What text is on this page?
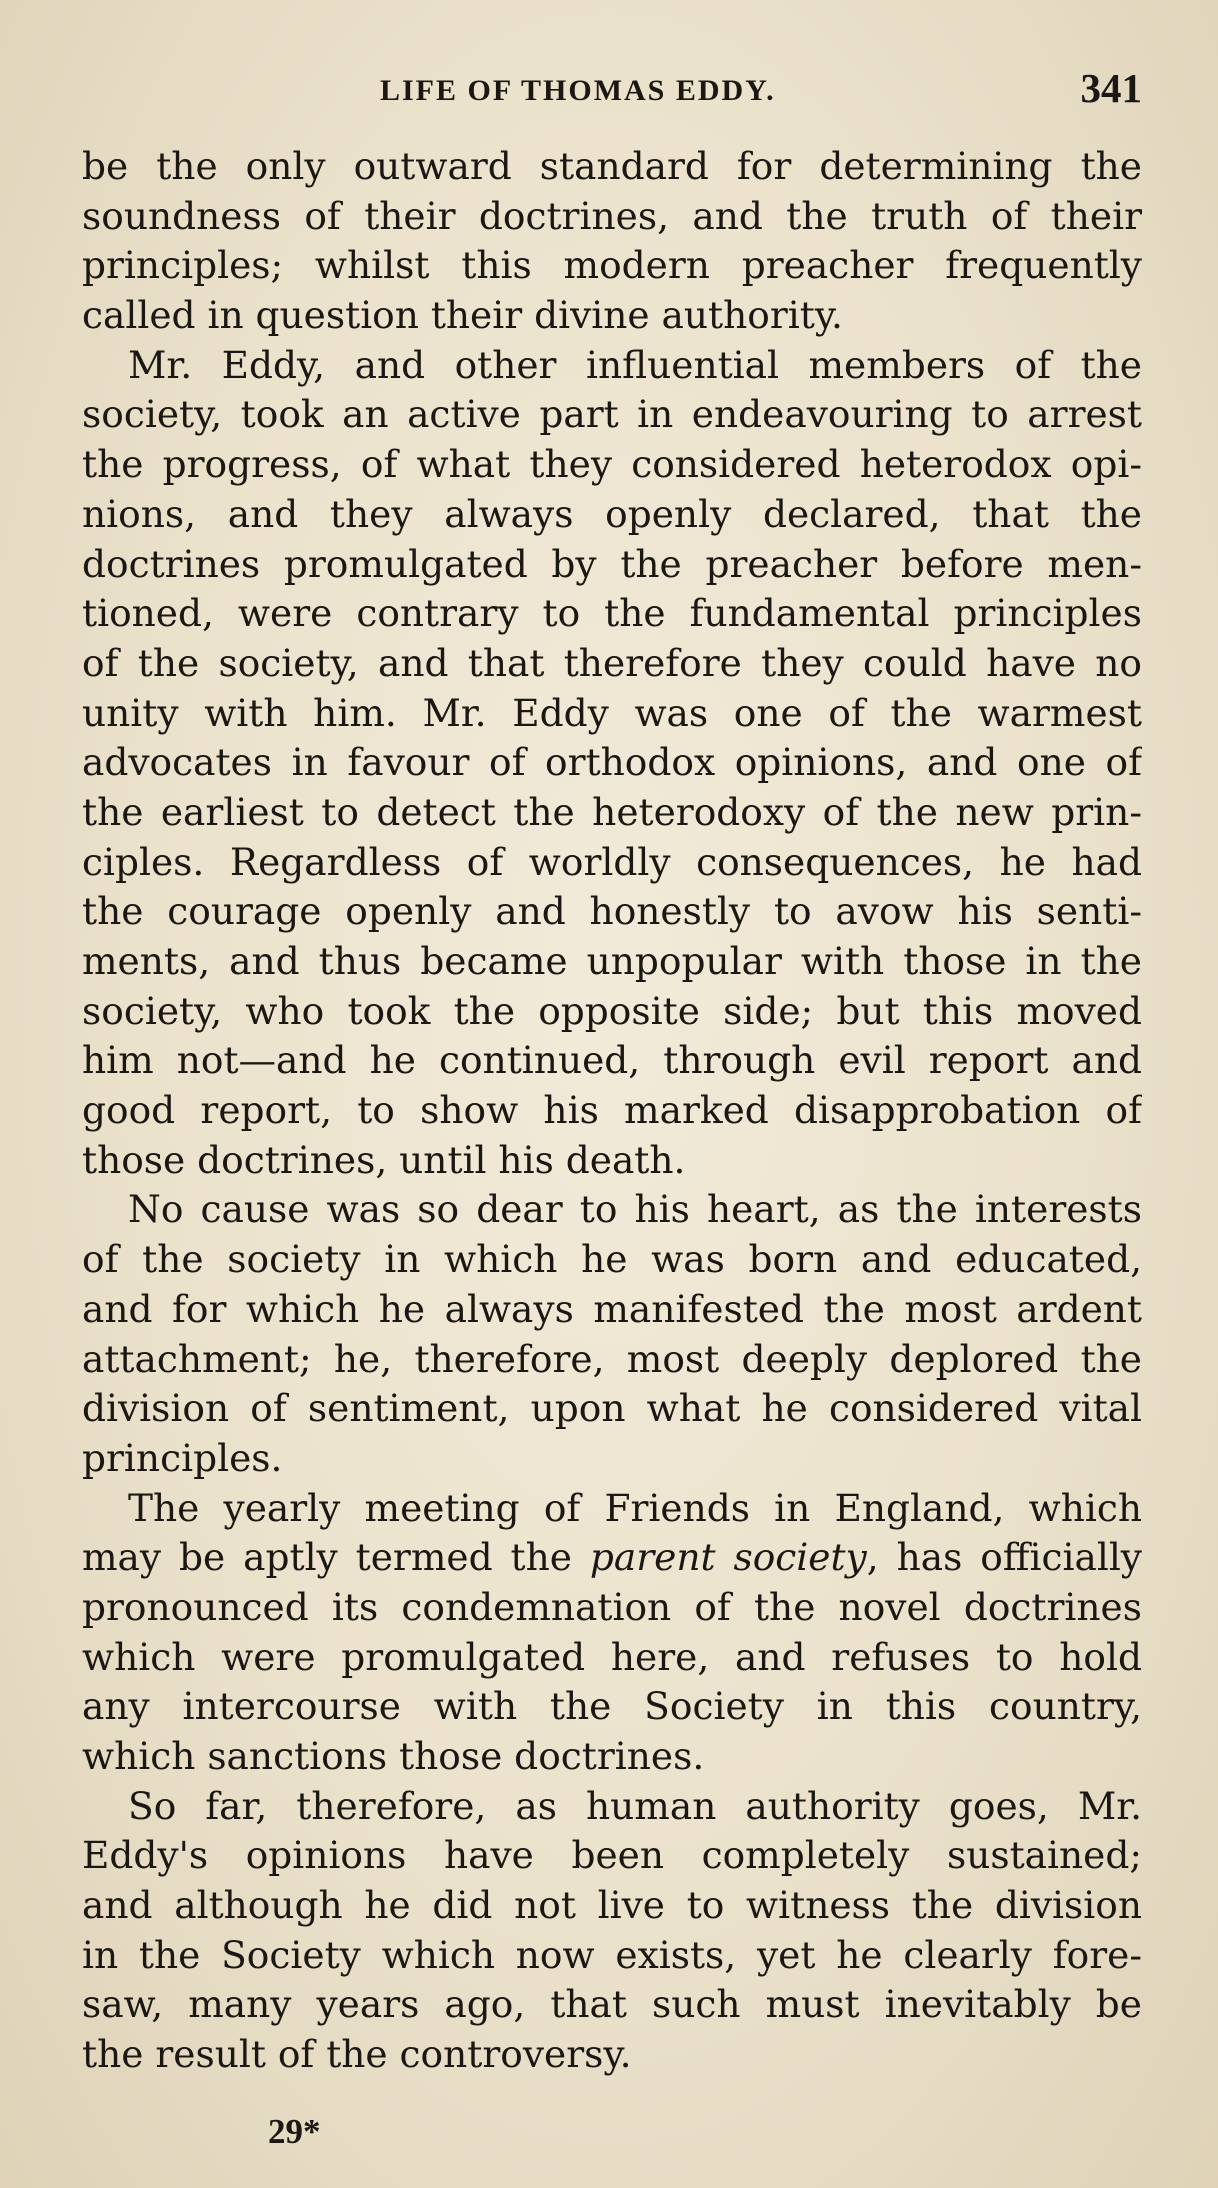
LIFE OF THOMAS EDDY.	341
be the only outward standard for determining the
soundness of their doctrines, and the truth of their
principles; whilst this modern preacher frequently
called in question their divine authority.
Mr. Eddy, and other influential members of the
society, took an active part in endeavouring to arrest
the progress, of what they considered heterodox opi-
nions, and they always openly declared, that the
doctrines promulgated by the preacher before men-
tioned, were contrary to the fundamental principles
of the society, and that therefore they could have no
unity with him. Mr. Eddy was one of the warmest
advocates in favour of orthodox opinions, and one of
the earliest to detect the heterodoxy of the new prin-
ciples. Regardless of worldly consequences, he had
the courage openly and honestly to avow his senti-
ments, and thus became unpopular with those in the
society, who took the opposite side; but this moved
him not—and he continued, through evil report and
good report, to show his marked disapprobation of
those doctrines, until his death.
No cause was so dear to his heart, as the interests
of the society in which he was born and educated,
and for which he always manifested the most ardent
attachment; he, therefore, most deeply deplored the
division of sentiment, upon what he considered vital
principles.
The yearly meeting of Friends in England, which
may be aptly termed the parent society, has officially
pronounced its condemnation of the novel doctrines
which were promulgated here, and refuses to hold
any intercourse with the Society in this country,
which sanctions those doctrines.
So far, therefore, as human authority goes, Mr.
Eddy's opinions have been completely sustained;
and although he did not live to witness the division
in the Society which now exists, yet he clearly fore-
saw, many years ago, that such must inevitably be
the result of the controversy.
29*
